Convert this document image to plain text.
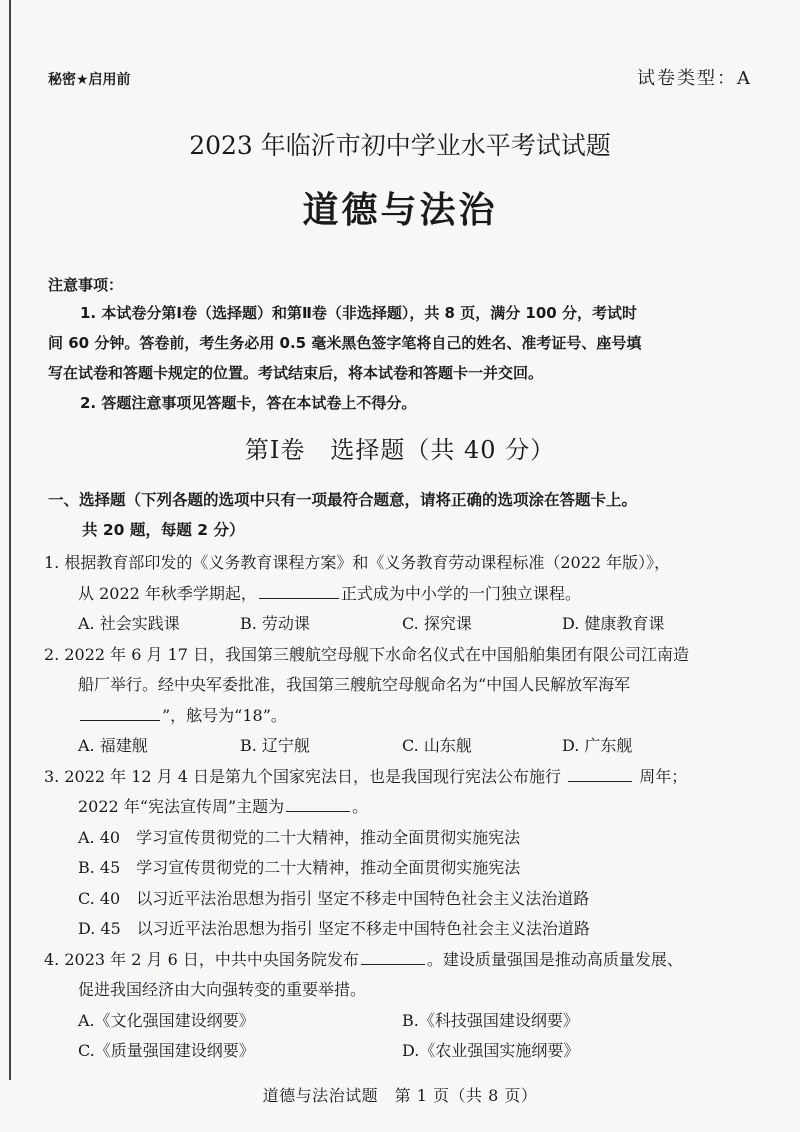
秘密★启用前	试卷类型：A
2023 年临沂市初中学业水平考试试题
道德与法治
注意事项：
1. 本试卷分第Ⅰ卷（选择题）和第Ⅱ卷（非选择题），共 8 页，满分 100 分，考试时
间 60 分钟。答卷前，考生务必用 0.5 毫米黑色签字笔将自己的姓名、准考证号、座号填
写在试卷和答题卡规定的位置。考试结束后，将本试卷和答题卡一并交回。
2. 答题注意事项见答题卡，答在本试卷上不得分。
第Ⅰ卷　选择题（共 40 分）
一、选择题（下列各题的选项中只有一项最符合题意，请将正确的选项涂在答题卡上。
共 20 题，每题 2 分）
1. 根据教育部印发的《义务教育课程方案》和《义务教育劳动课程标准（2022 年版）》，
从 2022 年秋季学期起，	正式成为中小学的一门独立课程。
A. 社会实践课	B. 劳动课	C. 探究课	D. 健康教育课
2. 2022 年 6 月 17 日，我国第三艘航空母舰下水命名仪式在中国船舶集团有限公司江南造
船厂举行。经中央军委批准，我国第三艘航空母舰命名为“中国人民解放军海军
”，舷号为“18”。
A. 福建舰	B. 辽宁舰	C. 山东舰	D. 广东舰
3. 2022 年 12 月 4 日是第九个国家宪法日，也是我国现行宪法公布施行	周年；
2022 年“宪法宣传周”主题为	。
A. 40　学习宣传贯彻党的二十大精神，推动全面贯彻实施宪法
B. 45　学习宣传贯彻党的二十大精神，推动全面贯彻实施宪法
C. 40　以习近平法治思想为指引 坚定不移走中国特色社会主义法治道路
D. 45　以习近平法治思想为指引 坚定不移走中国特色社会主义法治道路
4. 2023 年 2 月 6 日，中共中央国务院发布	。建设质量强国是推动高质量发展、
促进我国经济由大向强转变的重要举措。
A.《文化强国建设纲要》	B.《科技强国建设纲要》
C.《质量强国建设纲要》	D.《农业强国实施纲要》
道德与法治试题　第 1 页（共 8 页）
